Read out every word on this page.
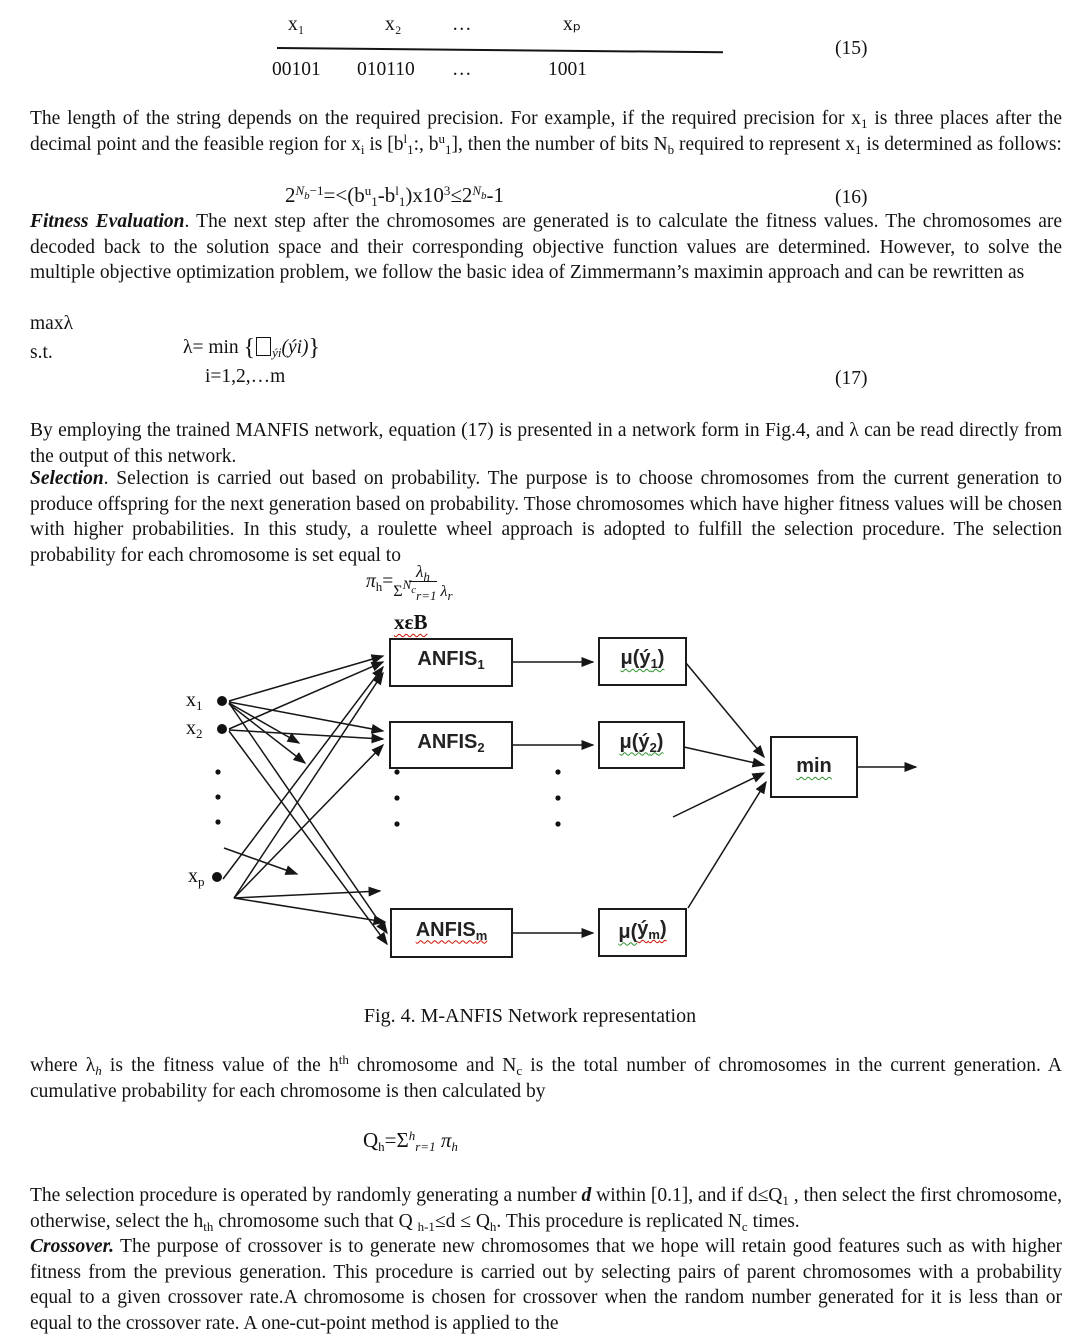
x₁	x₂	…	xₚ
00101 010110 …	1001
(15)
The length of the string depends on the required precision. For example, if the required precision for $x_1$ is three places after the decimal point and the feasible region for $x_i$ is [$b^l_1$:, $b^u_1$], then the number of bits $N_b$ required to represent $x_1$ is determined as follows:
$2^Nb^{-1}=<(b^u_1-b^l_1)x10^3\le 2^Nb-1$	(16)
Fitness Evaluation. The next step after the chromosomes are generated is to calculate the fitness values. The chromosomes are decoded back to the solution space and their corresponding objective function values are determined. However, to solve the multiple objective optimization problem, we follow the basic idea of Zimmermann’s maximin approach and can be rewritten as
maxλ
s.t.	λ= min { $_{ýi}$(ýi)}
i=1,2,…m	(17)
By employing the trained MANFIS network, equation (17) is presented in a network form in Fig.4, and λ can be read directly from the output of this network.
Selection. Selection is carried out based on probability. The purpose is to choose chromosomes from the current generation to produce offspring for the next generation based on probability. Those chromosomes which have higher fitness values will be chosen with higher probabilities. In this study, a roulette wheel approach is adopted to fulfill the selection procedure. The selection probability for each chromosome is set equal to
$\pi_h= \frac{\lambda_h}{\Sigma^Nc_{r=1} \lambda_r}$
xεB
$x_1$
$x_2$
$x_p$
$ANFIS_1$
$ANFIS_2$
$ANFIS_m$
$\mu(ý_1)$
$\mu(ý_2)$
μ( $ý_m$)
min
Fig. 4. M-ANFIS Network representation
where $\lambda_h$ is the fitness value of the $h^{th}$ chromosome and $N_c$ is the total number of chromosomes in the current generation. A cumulative probability for each chromosome is then calculated by
$Q_h=\Sigma^h_{r=1}$ $\pi_h$
The selection procedure is operated by randomly generating a number d within [0.1], and if $d\le Q_1$ , then select the first chromosome, otherwise, select the $h_{th}$ chromosome such that Q $_{h-1}\le d \le Q_h$. This procedure is replicated $N_c$ times.
Crossover. The purpose of crossover is to generate new chromosomes that we hope will retain good features such as with higher fitness from the previous generation. This procedure is carried out by selecting pairs of parent chromosomes with a probability equal to a given crossover rate.A chromosome is chosen for crossover when the random number generated for it is less than or equal to the crossover rate. A one-cut-point method is applied to the
